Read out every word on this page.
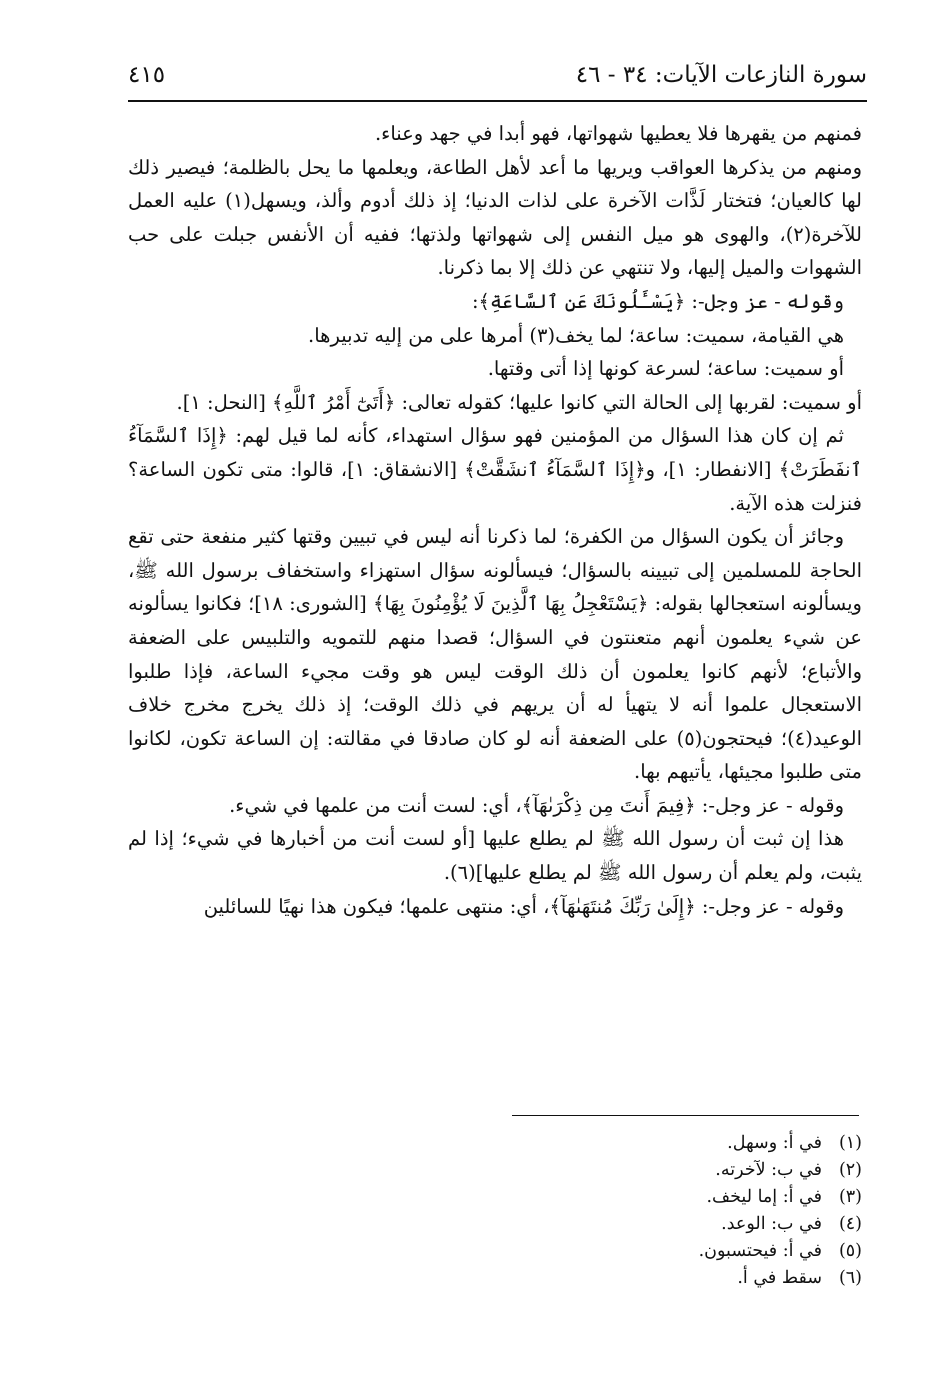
سورة النازعات الآيات: ٣٤ - ٤٦
٤١٥

فمنهم من يقهرها فلا يعطيها شهواتها، فهو أبدا في جهد وعناء.

ومنهم من يذكرها العواقب ويريها ما أعد لأهل الطاعة، ويعلمها ما يحل بالظلمة؛ فيصير ذلك لها كالعيان؛ فتختار لَذَّات الآخرة على لذات الدنيا؛ إذ ذلك أدوم وألذ، ويسهل(١) عليه العمل للآخرة(٢)، والهوى هو ميل النفس إلى شهواتها ولذتها؛ ففيه أن الأنفس جبلت على حب الشهوات والميل إليها، ولا تنتهي عن ذلك إلا بما ذكرنا.

وقوله - عز وجل-: ﴿يَسْـَٔلُونَكَ عَنِ ٱلسَّاعَةِ﴾:

هي القيامة، سميت: ساعة؛ لما يخف(٣) أمرها على من إليه تدبيرها.

أو سميت: ساعة؛ لسرعة كونها إذا أتى وقتها.

أو سميت: لقربها إلى الحالة التي كانوا عليها؛ كقوله تعالى: ﴿أَتَىٰٓ أَمْرُ ٱللَّهِ﴾ [النحل: ١].

ثم إن كان هذا السؤال من المؤمنين فهو سؤال استهداء، كأنه لما قيل لهم: ﴿إِذَا ٱلسَّمَآءُ ٱنفَطَرَتْ﴾ [الانفطار: ١]، و﴿إِذَا ٱلسَّمَآءُ ٱنشَقَّتْ﴾ [الانشقاق: ١]، قالوا: متى تكون الساعة؟ فنزلت هذه الآية.

وجائز أن يكون السؤال من الكفرة؛ لما ذكرنا أنه ليس في تبيين وقتها كثير منفعة حتى تقع الحاجة للمسلمين إلى تبيينه بالسؤال؛ فيسألونه سؤال استهزاء واستخفاف برسول الله ﷺ، ويسألونه استعجالها بقوله: ﴿يَسْتَعْجِلُ بِهَا ٱلَّذِينَ لَا يُؤْمِنُونَ بِهَا﴾ [الشورى: ١٨]؛ فكانوا يسألونه عن شيء يعلمون أنهم متعنتون في السؤال؛ قصدا منهم للتمويه والتلبيس على الضعفة والأتباع؛ لأنهم كانوا يعلمون أن ذلك الوقت ليس هو وقت مجيء الساعة، فإذا طلبوا الاستعجال علموا أنه لا يتهيأ له أن يريهم في ذلك الوقت؛ إذ ذلك يخرج مخرج خلاف الوعيد(٤)؛ فيحتجون(٥) على الضعفة أنه لو كان صادقا في مقالته: إن الساعة تكون، لكانوا متى طلبوا مجيئها، يأتيهم بها.

وقوله - عز وجل-: ﴿فِيمَ أَنتَ مِن ذِكْرَىٰهَآ﴾، أي: لست أنت من علمها في شيء.

هذا إن ثبت أن رسول الله ﷺ لم يطلع عليها [أو لست أنت من أخبارها في شيء؛ إذا لم يثبت، ولم يعلم أن رسول الله ﷺ لم يطلع عليها](٦).

وقوله - عز وجل-: ﴿إِلَىٰ رَبِّكَ مُنتَهَىٰهَآ﴾، أي: منتهى علمها؛ فيكون هذا نهيًا للسائلين

(١)
في أ: وسهل.
(٢)
في ب: لآخرته.
(٣)
في أ: إما ليخف.
(٤)
في ب: الوعد.
(٥)
في أ: فيحتسبون.
(٦)
سقط في أ.
